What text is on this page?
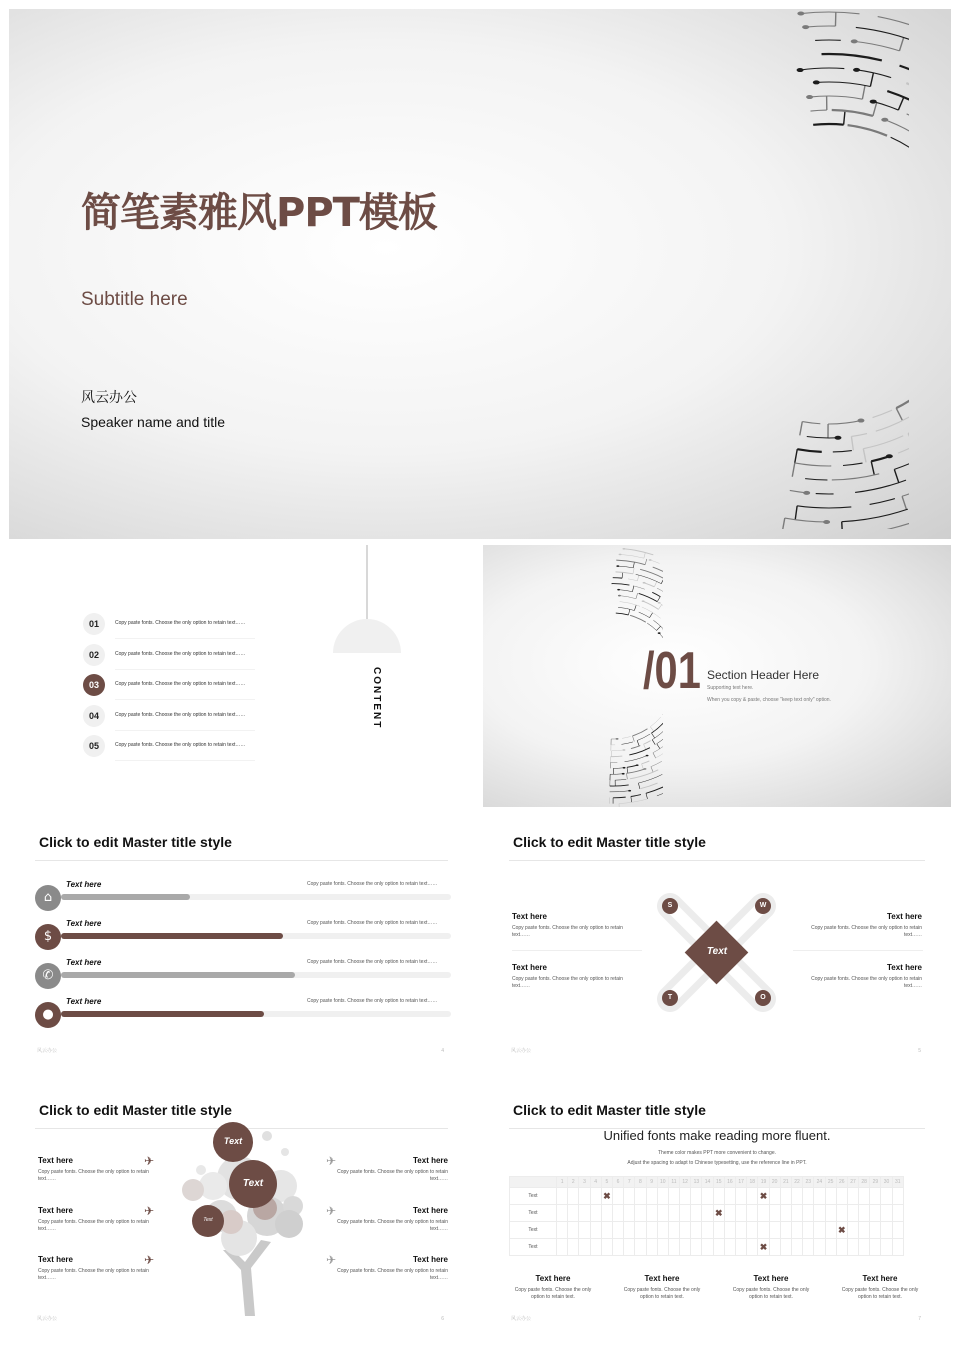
简笔素雅风PPT模板
Subtitle here
风云办公
Speaker name and title
01	Copy paste fonts. Choose the only option to retain text……
02	Copy paste fonts. Choose the only option to retain text……
03	Copy paste fonts. Choose the only option to retain text……
04	Copy paste fonts. Choose the only option to retain text……
05	Copy paste fonts. Choose the only option to retain text……
CONTENT	/01 Section Header Here
Supporting text here.
When you copy & paste, choose "keep text only" option.
Click to edit Master title style
⌂
Text here	Copy paste fonts. Choose the only option to retain text……
$
Text here	Copy paste fonts. Choose the only option to retain text……
✆
Text here	Copy paste fonts. Choose the only option to retain text……
●
Text here	Copy paste fonts. Choose the only option to retain text……
风云办公	4
Click to edit Master title style
Text
S	W
T	O
Text here
Copy paste fonts. Choose the only option to retain text……
Text here
Copy paste fonts. Choose the only option to retain text……
Text here
Copy paste fonts. Choose the only option to retain text……
Text here
Copy paste fonts. Choose the only option to retain text……
风云办公	5
Click to edit Master title style
Text
Text
Text
Text here
Copy paste fonts. Choose the only option to retain text……
✈
Text here
Copy paste fonts. Choose the only option to retain text……
✈
Text here
Copy paste fonts. Choose the only option to retain text……
✈
Text here
Copy paste fonts. Choose the only option to retain text……
✈
Text here
Copy paste fonts. Choose the only option to retain text……
✈
Text here
Copy paste fonts. Choose the only option to retain text……
✈
风云办公	6
Click to edit Master title style
Unified fonts make reading more fluent.
Theme color makes PPT more convenient to change.
Adjust the spacing to adapt to Chinese typesetting, use the reference line in PPT.
	1	2	3	4	5	6	7	8	9	10	11	12	13	14	15	16	17	18	19	20	21	22	23	24	25	26	27	28	29	30	31
Text					✖														✖												
Text															✖																
Text																										✖					
Text																			✖												
Text here
Copy paste fonts. Choose the only option to retain text.
Text here
Copy paste fonts. Choose the only option to retain text.
Text here
Copy paste fonts. Choose the only option to retain text.
Text here
Copy paste fonts. Choose the only option to retain text.
风云办公	7
